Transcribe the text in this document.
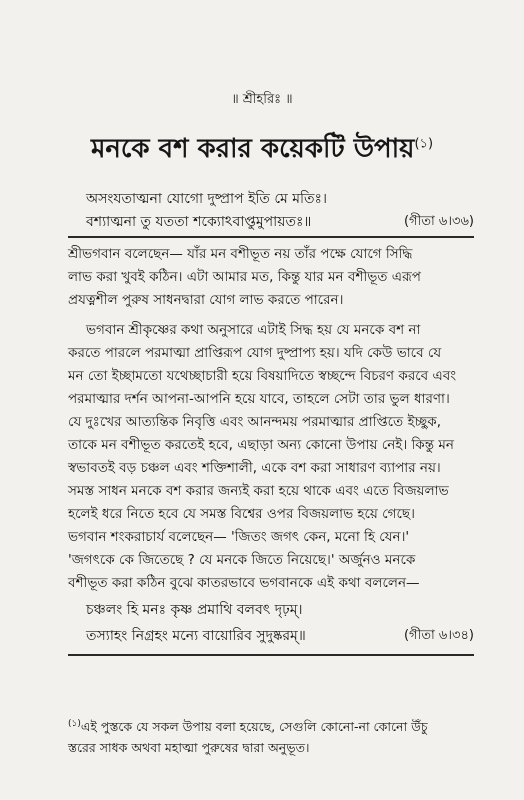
॥ শ্রীহরিঃ ॥
মনকে বশ করার কয়েকটি উপায়$^{(১)}$
অসংযতাত্মনা যোগো দুষ্প্রাপ ইতি মে মতিঃ।
বশ্যাত্মনা তু যততা শক্যোঽবাপ্তুমুপায়তঃ॥	(গীতা ৬।৩৬)
শ্রীভগবান বলেছেন— যাঁর মন বশীভূত নয় তাঁর পক্ষে যোগে সিদ্ধি
লাভ করা খুবই কঠিন। এটা আমার মত, কিন্তু যার মন বশীভূত এরূপ
প্রযত্নশীল পুরুষ সাধনদ্বারা যোগ লাভ করতে পারেন।
ভগবান শ্রীকৃষ্ণের কথা অনুসারে এটাই সিদ্ধ হয় যে মনকে বশ না
করতে পারলে পরমাত্মা প্রাপ্তিরূপ যোগ দুষ্প্রাপ্য হয়। যদি কেউ ভাবে যে
মন তো ইচ্ছামতো যথেচ্ছাচারী হয়ে বিষয়াদিতে স্বচ্ছন্দে বিচরণ করবে এবং
পরমাত্মার দর্শন আপনা-আপনি হয়ে যাবে, তাহলে সেটা তার ভুল ধারণা।
যে দুঃখের আত্যন্তিক নিবৃত্তি এবং আনন্দময় পরমাত্মার প্রাপ্তিতে ইচ্ছুক,
তাকে মন বশীভূত করতেই হবে, এছাড়া অন্য কোনো উপায় নেই। কিন্তু মন
স্বভাবতই বড় চঞ্চল এবং শক্তিশালী, একে বশ করা সাধারণ ব্যাপার নয়।
সমস্ত সাধন মনকে বশ করার জন্যই করা হয়ে থাকে এবং এতে বিজয়লাভ
হলেই ধরে নিতে হবে যে সমস্ত বিশ্বের ওপর বিজয়লাভ হয়ে গেছে।
ভগবান শংকরাচার্য বলেছেন— 'জিতং জগৎ কেন, মনো হি যেন।'
'জগৎকে কে জিতেছে ? যে মনকে জিতে নিয়েছে।' অর্জুনও মনকে
বশীভূত করা কঠিন বুঝে কাতরভাবে ভগবানকে এই কথা বললেন—
চঞ্চলং হি মনঃ কৃষ্ণ প্রমাথি বলবৎ দৃঢ়ম্।
তস্যাহং নিগ্রহং মন্যে বায়োরিব সুদুষ্করম্॥	(গীতা ৬।৩৪)
$^{(১)}$এই পুস্তকে যে সকল উপায় বলা হয়েছে, সেগুলি কোনো-না কোনো উঁচু
স্তরের সাধক অথবা মহাত্মা পুরুষের দ্বারা অনুভূত।
